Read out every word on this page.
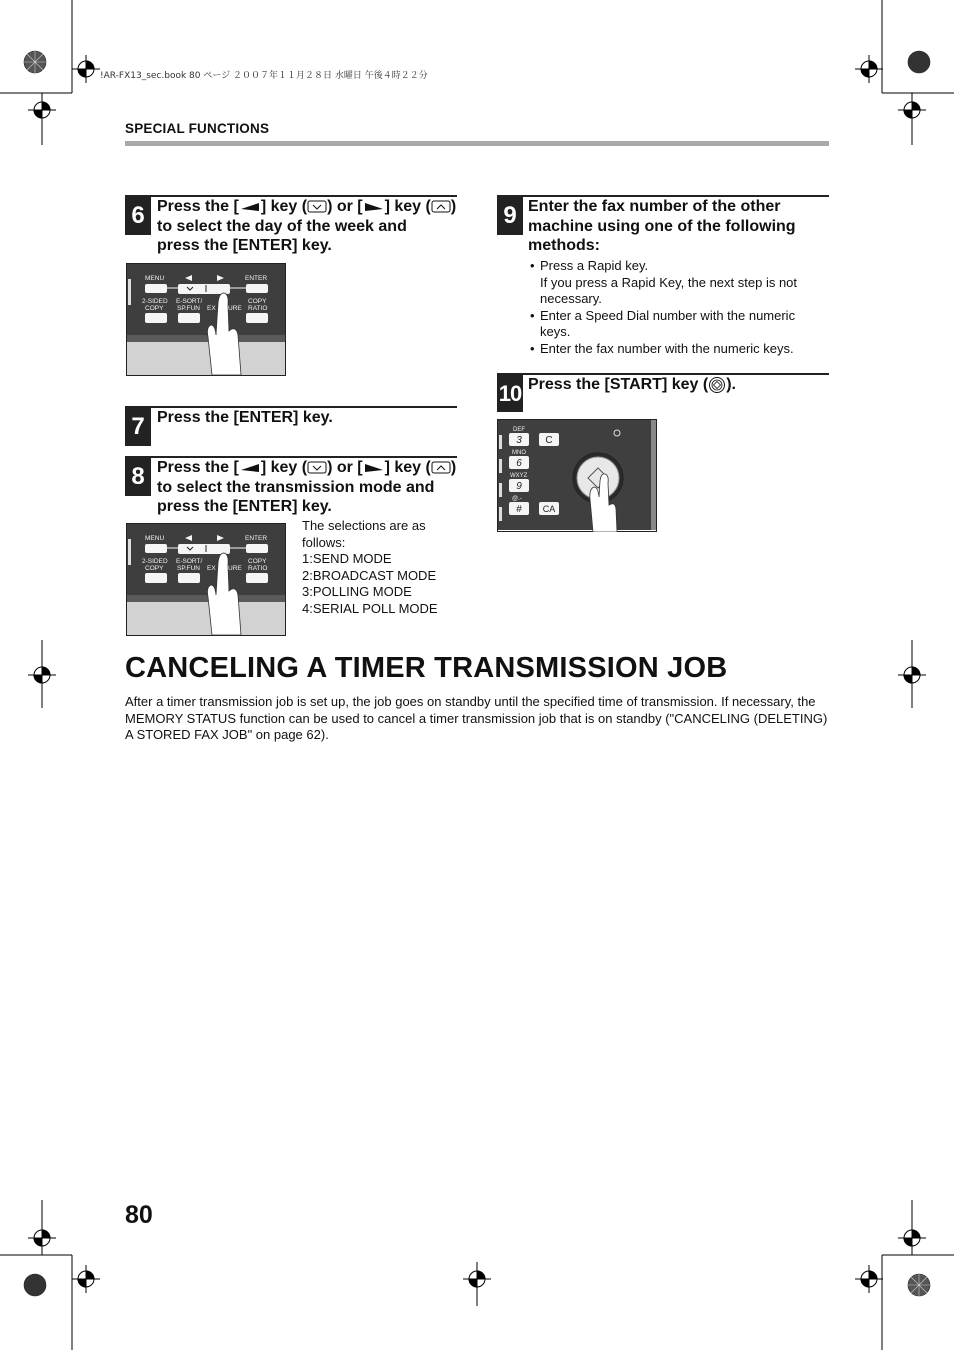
!AR-FX13_sec.book 80 ページ ２００７年１１月２８日 水曜日 午後４時２２分
SPECIAL FUNCTIONS
6 Press the [ ] key ( ) or [ ] key ( )
to select the day of the week and
press the [ENTER] key.
MENU	ENTER
2-SIDED
COPY
E-SORT/
SP.FUN EX URE
COPY
RATIO
7 Press the [ENTER] key.
8 Press the [ ] key ( ) or [ ] key ( )
to select the transmission mode and
press the [ENTER] key.
MENU	ENTER
2-SIDED
COPY
E-SORT/
SP.FUN EX URE
COPY
RATIO
The selections are as
follows:
1:SEND MODE
2:BROADCAST MODE
3:POLLING MODE
4:SERIAL POLL MODE
9 Enter the fax number of the other
machine using one of the following
methods:
• Press a Rapid key.
If you press a Rapid Key, the next step is not
necessary.
• Enter a Speed Dial number with the numeric
keys.
• Enter the fax number with the numeric keys.
10 Press the [START] key ( ).
DEF
MNO
WXYZ
@.-
3
6
9
#
C
CA
CANCELING A TIMER TRANSMISSION JOB
After a timer transmission job is set up, the job goes on standby until the specified time of transmission. If necessary, the MEMORY STATUS function can be used to cancel a timer transmission job that is on standby ("CANCELING (DELETING) A STORED FAX JOB" on page 62).
80
